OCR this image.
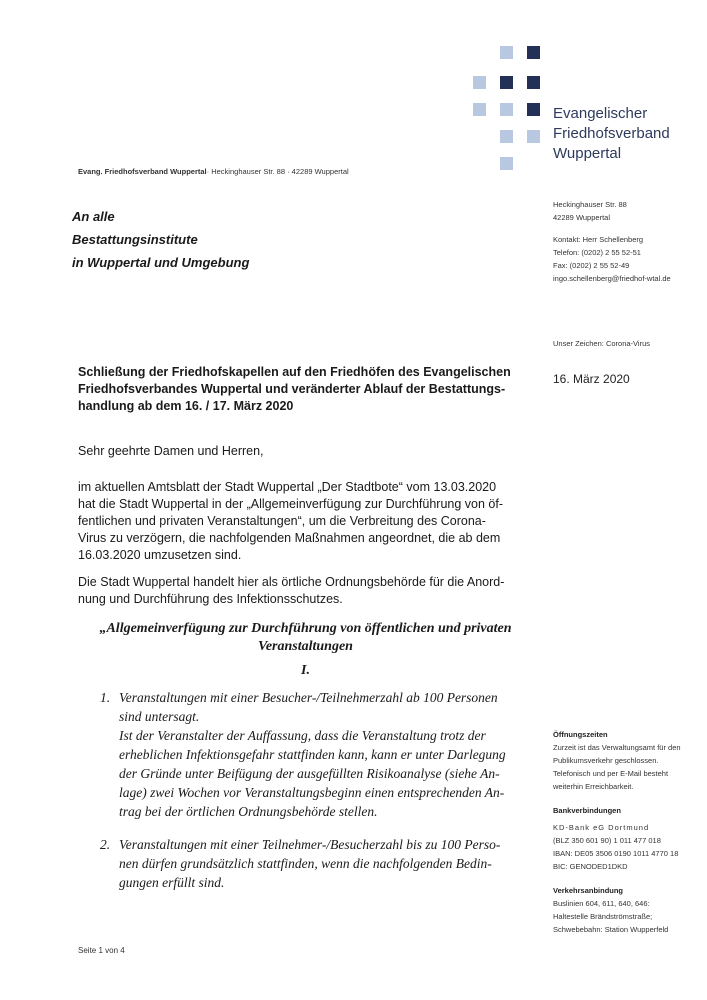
Evangelischer
Friedhofsverband
Wuppertal
Evang. Friedhofsverband Wuppertal· Heckinghauser Str. 88 · 42289 Wuppertal
An alle
Bestattungsinstitute
in Wuppertal und Umgebung
Heckinghauser Str. 88
42289 Wuppertal
Kontakt: Herr Schellenberg
Telefon: (0202) 2 55 52-51
Fax: (0202) 2 55 52-49
ingo.schellenberg@friedhof-wtal.de
Unser Zeichen: Corona-Virus
16. März 2020
Schließung der Friedhofskapellen auf den Friedhöfen des Evangelischen
Friedhofsverbandes Wuppertal und veränderter Ablauf der Bestattungs-
handlung ab dem 16. / 17. März 2020
Sehr geehrte Damen und Herren,
im aktuellen Amtsblatt der Stadt Wuppertal „Der Stadtbote“ vom 13.03.2020
hat die Stadt Wuppertal in der „Allgemeinverfügung zur Durchführung von öf-
fentlichen und privaten Veranstaltungen“, um die Verbreitung des Corona-
Virus zu verzögern, die nachfolgenden Maßnahmen angeordnet, die ab dem
16.03.2020 umzusetzen sind.
Die Stadt Wuppertal handelt hier als örtliche Ordnungsbehörde für die Anord-
nung und Durchführung des Infektionsschutzes.
„Allgemeinverfügung zur Durchführung von öffentlichen und privaten
Veranstaltungen
I.
1. Veranstaltungen mit einer Besucher-/Teilnehmerzahl ab 100 Personen
sind untersagt.
Ist der Veranstalter der Auffassung, dass die Veranstaltung trotz der
erheblichen Infektionsgefahr stattfinden kann, kann er unter Darlegung
der Gründe unter Beifügung der ausgefüllten Risikoanalyse (siehe An-
lage) zwei Wochen vor Veranstaltungsbeginn einen entsprechenden An-
trag bei der örtlichen Ordnungsbehörde stellen.
2. Veranstaltungen mit einer Teilnehmer-/Besucherzahl bis zu 100 Perso-
nen dürfen grundsätzlich stattfinden, wenn die nachfolgenden Bedin-
gungen erfüllt sind.
Öffnungszeiten
Zurzeit ist das Verwaltungsamt für den
Publikumsverkehr geschlossen.
Telefonisch und per E-Mail besteht
weiterhin Erreichbarkeit.
Bankverbindungen
KD-Bank eG Dortmund
(BLZ 350 601 90) 1 011 477 018
IBAN: DE05 3506 0190 1011 4770 18
BIC: GENODED1DKD
Verkehrsanbindung
Buslinien 604, 611, 640, 646:
Haltestelle Brändströmstraße;
Schwebebahn: Station Wupperfeld
Seite 1 von 4
